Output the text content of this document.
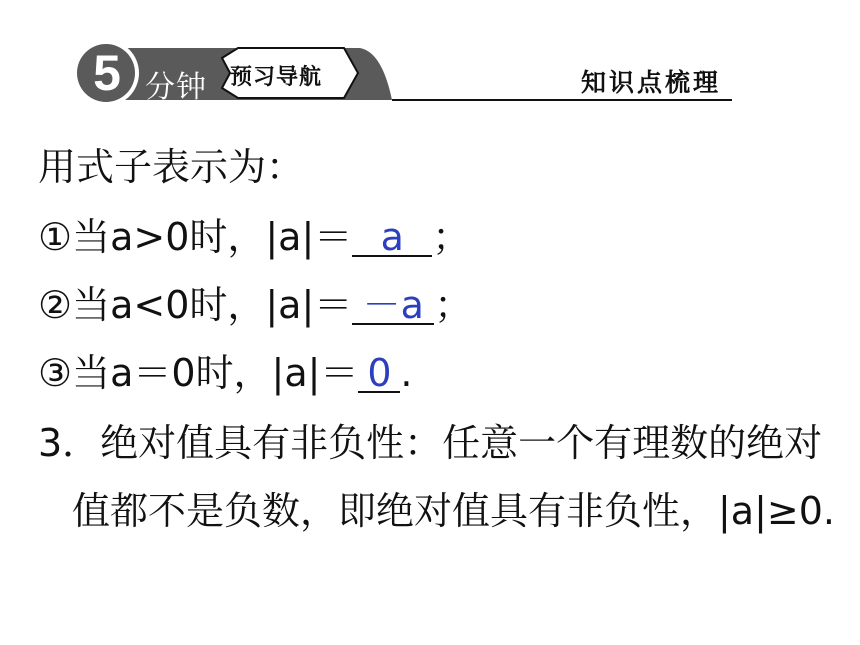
5 分钟 预习导航	知识点梳理
用式子表示为：
①当a>0时，|a|＝ a ；
②当a<0时，|a|＝ －a ；
③当a＝0时，|a|＝ 0 .
3．绝对值具有非负性：任意一个有理数的绝对
值都不是负数，即绝对值具有非负性，|a|≥0.
